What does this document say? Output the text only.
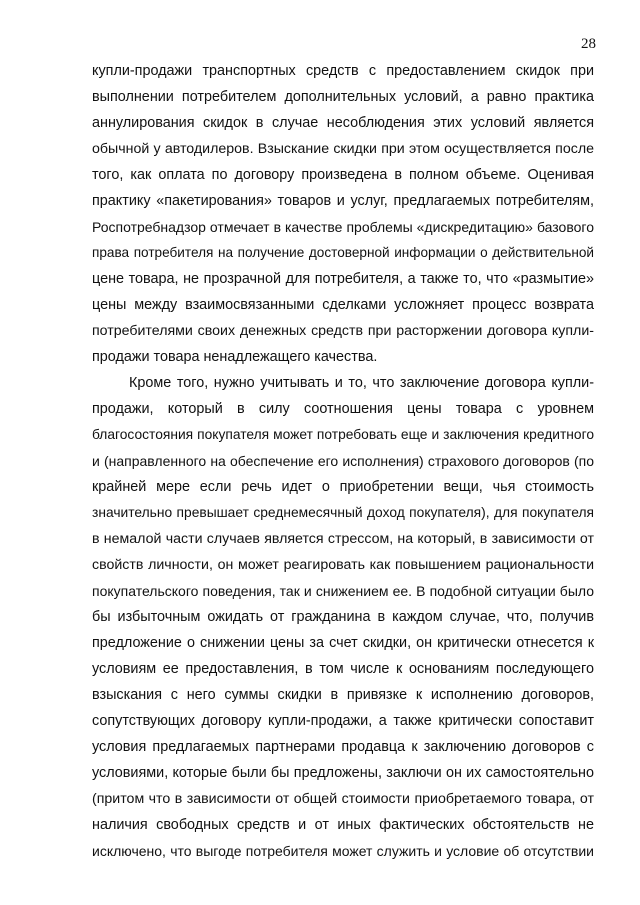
28
купли-продажи транспортных средств с предоставлением скидок при
выполнении потребителем дополнительных условий, а равно практика
аннулирования скидок в случае несоблюдения этих условий является
обычной у автодилеров. Взыскание скидки при этом осуществляется после
того, как оплата по договору произведена в полном объеме. Оценивая
практику «пакетирования» товаров и услуг, предлагаемых потребителям,
Роспотребнадзор отмечает в качестве проблемы «дискредитацию» базового
права потребителя на получение достоверной информации о действительной
цене товара, не прозрачной для потребителя, а также то, что «размытие»
цены между взаимосвязанными сделками усложняет процесс возврата
потребителями своих денежных средств при расторжении договора купли-
продажи товара ненадлежащего качества.
Кроме того, нужно учитывать и то, что заключение договора купли-
продажи, который в силу соотношения цены товара с уровнем
благосостояния покупателя может потребовать еще и заключения кредитного
и (направленного на обеспечение его исполнения) страхового договоров (по
крайней мере если речь идет о приобретении вещи, чья стоимость
значительно превышает среднемесячный доход покупателя), для покупателя
в немалой части случаев является стрессом, на который, в зависимости от
свойств личности, он может реагировать как повышением рациональности
покупательского поведения, так и снижением ее. В подобной ситуации было
бы избыточным ожидать от гражданина в каждом случае, что, получив
предложение о снижении цены за счет скидки, он критически отнесется к
условиям ее предоставления, в том числе к основаниям последующего
взыскания с него суммы скидки в привязке к исполнению договоров,
сопутствующих договору купли-продажи, а также критически сопоставит
условия предлагаемых партнерами продавца к заключению договоров с
условиями, которые были бы предложены, заключи он их самостоятельно
(притом что в зависимости от общей стоимости приобретаемого товара, от
наличия свободных средств и от иных фактических обстоятельств не
исключено, что выгоде потребителя может служить и условие об отсутствии
